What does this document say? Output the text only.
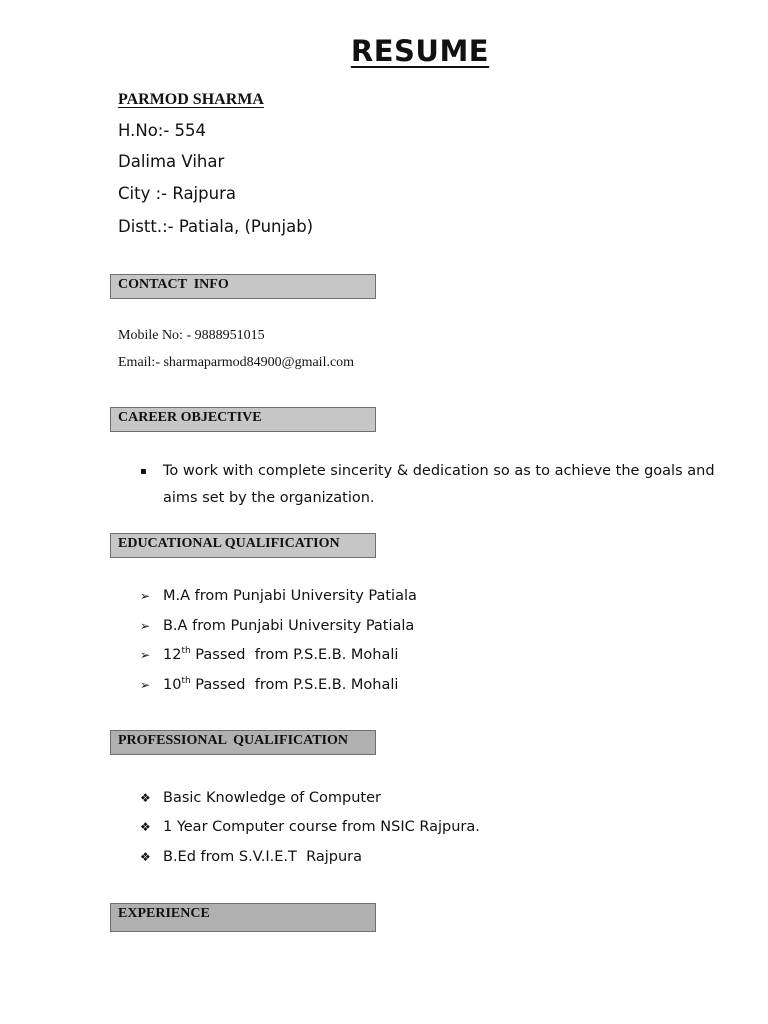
RESUME
PARMOD SHARMA
H.No:- 554
Dalima Vihar
City :- Rajpura
Distt.:- Patiala, (Punjab)
CONTACT  INFO
Mobile No: - 9888951015
Email:- sharmaparmod84900@gmail.com
CAREER OBJECTIVE
▪	To work with complete sincerity & dedication so as to achieve the goals and aims set by the organization.
EDUCATIONAL QUALIFICATION
➢ M.A from Punjabi University Patiala
➢ B.A from Punjabi University Patiala
➢ 12th Passed  from P.S.E.B. Mohali
➢ 10th Passed  from P.S.E.B. Mohali
PROFESSIONAL  QUALIFICATION
❖ Basic Knowledge of Computer
❖ 1 Year Computer course from NSIC Rajpura.
❖ B.Ed from S.V.I.E.T  Rajpura
EXPERIENCE
